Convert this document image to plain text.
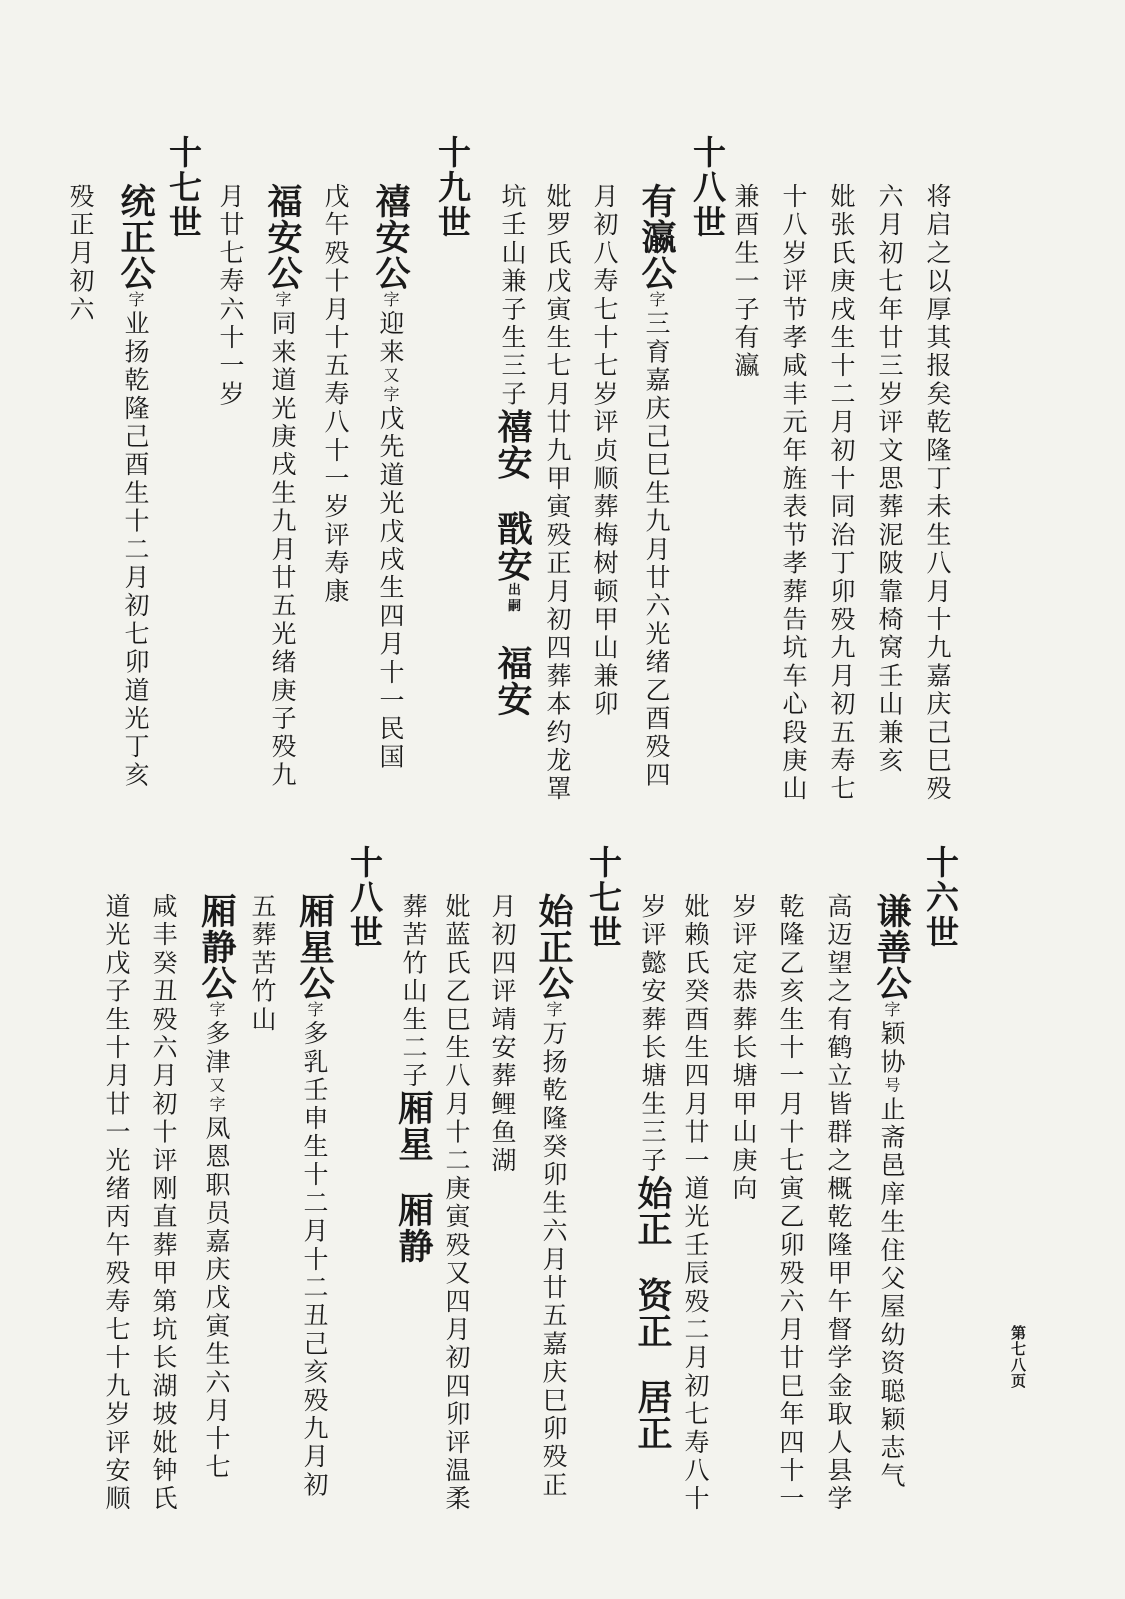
第七八页
将启之以厚其报矣乾隆丁未生八月十九嘉庆己巳殁
六月初七年廿三岁评文思葬泥陂靠椅窝壬山兼亥
妣张氏庚戌生十二月初十同治丁卯殁九月初五寿七
十八岁评节孝咸丰元年旌表节孝葬告坑车心段庚山
兼酉生一子有瀛
十八世
有瀛公字三育嘉庆己巳生九月廿六光绪乙酉殁四
月初八寿七十七岁评贞顺葬梅树顿甲山兼卯
妣罗氏戊寅生七月廿九甲寅殁正月初四葬本约龙罩
坑壬山兼子生三子禧安戬安出嗣福安
十九世
禧安公字迎来又字戊先道光戊戌生四月十一民国
戊午殁十月十五寿八十一岁评寿康
福安公字同来道光庚戌生九月廿五光绪庚子殁九
月廿七寿六十一岁
十七世
统正公字业扬乾隆己酉生十二月初七卯道光丁亥
殁正月初六
十六世
谦善公字颖协号止斋邑庠生住父屋幼资聪颖志气
高迈望之有鹤立皆群之概乾隆甲午督学金取人县学
乾隆乙亥生十一月十七寅乙卯殁六月廿巳年四十一
岁评定恭葬长塘甲山庚向
妣赖氏癸酉生四月廿一道光壬辰殁二月初七寿八十
岁评懿安葬长塘生三子始正资正居正
十七世
始正公字万扬乾隆癸卯生六月廿五嘉庆巳卯殁正
月初四评靖安葬鲤鱼湖
妣蓝氏乙巳生八月十二庚寅殁又四月初四卯评温柔
葬苦竹山生二子厢星厢静
十八世
厢星公字多乳壬申生十二月十二丑己亥殁九月初
五葬苦竹山
厢静公字多津又字凤恩职员嘉庆戊寅生六月十七
咸丰癸丑殁六月初十评刚直葬甲第坑长湖坡妣钟氏
道光戊子生十月廿一光绪丙午殁寿七十九岁评安顺
